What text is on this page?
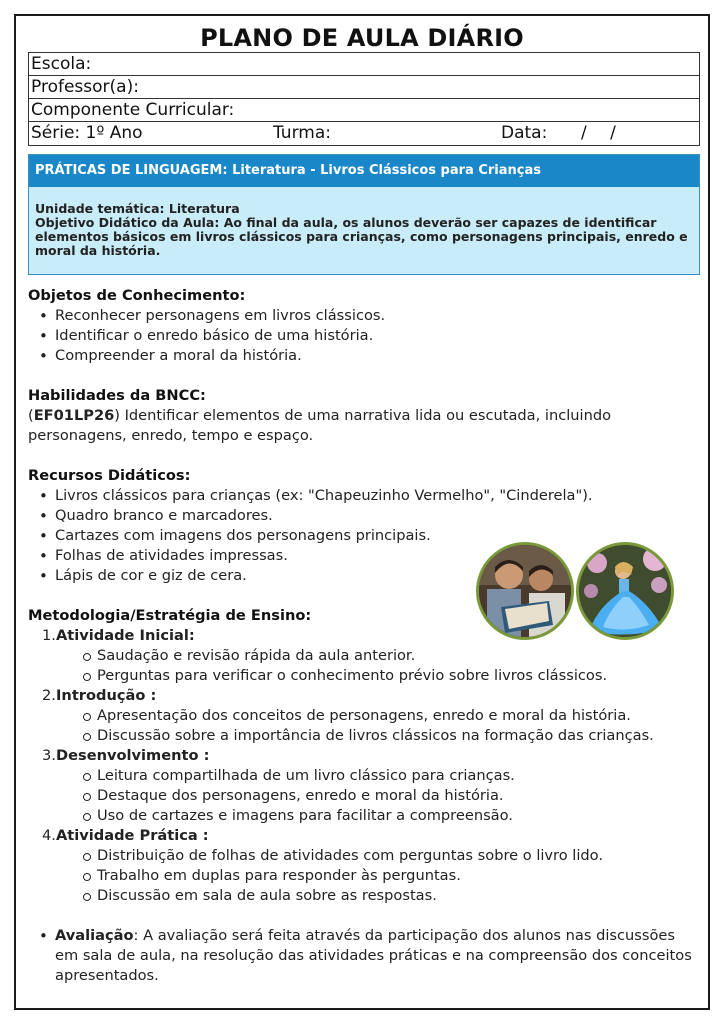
PLANO DE AULA DIÁRIO
Escola:
Professor(a):
Componente Curricular:
Série: 1º Ano	Turma:	Data: / /
PRÁTICAS DE LINGUAGEM: Literatura - Livros Clássicos para Crianças
Unidade temática: Literatura
Objetivo Didático da Aula: Ao final da aula, os alunos deverão ser capazes de identificar elementos básicos em livros clássicos para crianças, como personagens principais, enredo e moral da história.
Objetos de Conhecimento:
• Reconhecer personagens em livros clássicos.
• Identificar o enredo básico de uma história.
• Compreender a moral da história.
Habilidades da BNCC:
(EF01LP26) Identificar elementos de uma narrativa lida ou escutada, incluindo personagens, enredo, tempo e espaço.
Recursos Didáticos:
• Livros clássicos para crianças (ex: "Chapeuzinho Vermelho", "Cinderela").
• Quadro branco e marcadores.
• Cartazes com imagens dos personagens principais.
• Folhas de atividades impressas.
• Lápis de cor e giz de cera.
Metodologia/Estratégia de Ensino:
1.Atividade Inicial:
Saudação e revisão rápida da aula anterior.
Perguntas para verificar o conhecimento prévio sobre livros clássicos.
2.Introdução :
Apresentação dos conceitos de personagens, enredo e moral da história.
Discussão sobre a importância de livros clássicos na formação das crianças.
3.Desenvolvimento :
Leitura compartilhada de um livro clássico para crianças.
Destaque dos personagens, enredo e moral da história.
Uso de cartazes e imagens para facilitar a compreensão.
4.Atividade Prática :
Distribuição de folhas de atividades com perguntas sobre o livro lido.
Trabalho em duplas para responder às perguntas.
Discussão em sala de aula sobre as respostas.
• Avaliação: A avaliação será feita através da participação dos alunos nas discussões em sala de aula, na resolução das atividades práticas e na compreensão dos conceitos apresentados.
